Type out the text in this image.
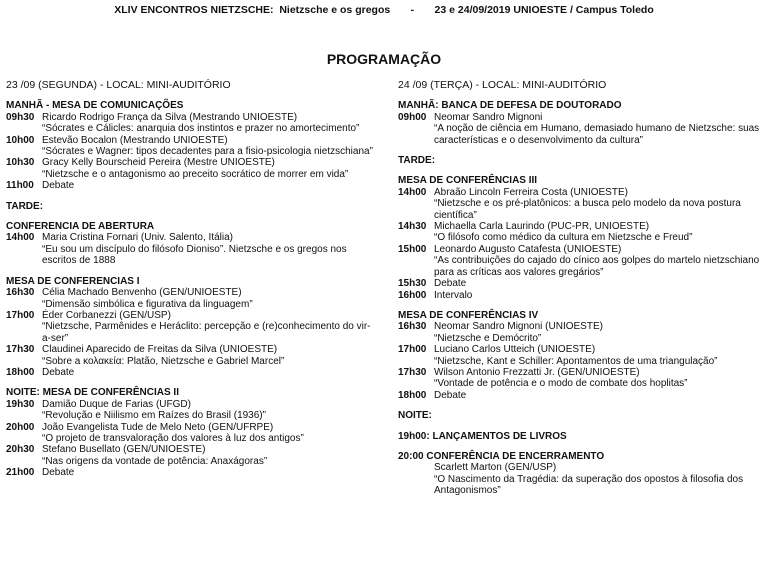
XLIV ENCONTROS NIETZSCHE:  Nietzsche e os gregos       -       23 e 24/09/2019 UNIOESTE / Campus Toledo
PROGRAMAÇÃO
23 /09 (SEGUNDA) - LOCAL: MINI-AUDITÓRIO
MANHÃ - MESA DE COMUNICAÇÕES
09h30 Ricardo Rodrigo França da Silva (Mestrando UNIOESTE)
“Sócrates e Cálicles: anarquia dos instintos e prazer no amortecimento”
10h00 Estevão Bocalon (Mestrando UNIOESTE)
“Sócrates e Wagner: tipos decadentes para a fisio-psicologia nietzschiana”
10h30 Gracy Kelly Bourscheid Pereira (Mestre UNIOESTE)
“Nietzsche e o antagonismo ao preceito socrático de morrer em vida”
11h00 Debate
TARDE:
CONFERENCIA DE ABERTURA
14h00 Maria Cristina Fornari (Univ. Salento, Itália)
“Eu sou um discípulo do filósofo Dioniso”. Nietzsche e os gregos nos escritos de 1888
MESA DE CONFERENCIAS I
16h30 Célia Machado Benvenho (GEN/UNIOESTE)
“Dimensão simbólica e figurativa da linguagem”
17h00 Éder Corbanezzi (GEN/USP)
“Nietzsche, Parmênides e Heráclito: percepção e (re)conhecimento do vir-a-ser”
17h30 Claudinei Aparecido de Freitas da Silva (UNIOESTE)
“Sobre a κολακεία: Platão, Nietzsche e Gabriel Marcel”
18h00 Debate
NOITE: MESA DE CONFERÊNCIAS II
19h30 Damião Duque de Farias (UFGD)
“Revolução e Niilismo em Raízes do Brasil (1936)”
20h00 João Evangelista Tude de Melo Neto (GEN/UFRPE)
“O projeto de transvaloração dos valores à luz dos antigos”
20h30 Stefano Busellato (GEN/UNIOESTE)
“Nas origens da vontade de potência: Anaxágoras”
21h00 Debate
24 /09 (TERÇA) - LOCAL: MINI-AUDITÓRIO
MANHÃ: BANCA DE DEFESA DE DOUTORADO
09h00 Neomar Sandro Mignoni
“A noção de ciência em Humano, demasiado humano de Nietzsche: suas características e o desenvolvimento da cultura”
TARDE:
MESA DE CONFERÊNCIAS III
14h00 Abraão Lincoln Ferreira Costa (UNIOESTE)
“Nietzsche e os pré-platônicos: a busca pelo modelo da nova postura científica”
14h30 Michaella Carla Laurindo (PUC-PR, UNIOESTE)
“O filósofo como médico da cultura em Nietzsche e Freud”
15h00 Leonardo Augusto Catafesta (UNIOESTE)
“As contribuições do cajado do cínico aos golpes do martelo nietzschiano para as críticas aos valores gregários”
15h30 Debate
16h00 Intervalo
MESA DE CONFERÊNCIAS IV
16h30 Neomar Sandro Mignoni (UNIOESTE)
“Nietzsche e Demócrito”
17h00 Luciano Carlos Utteich (UNIOESTE)
“Nietzsche, Kant e Schiller: Apontamentos de uma triangulação”
17h30 Wilson Antonio Frezzatti Jr. (GEN/UNIOESTE)
“Vontade de potência e o modo de combate dos hoplitas”
18h00 Debate
NOITE:
19h00: LANÇAMENTOS DE LIVROS
20:00 CONFERÊNCIA DE ENCERRAMENTO
Scarlett Marton (GEN/USP)
“O Nascimento da Tragédia: da superação dos opostos à filosofia dos Antagonismos”
